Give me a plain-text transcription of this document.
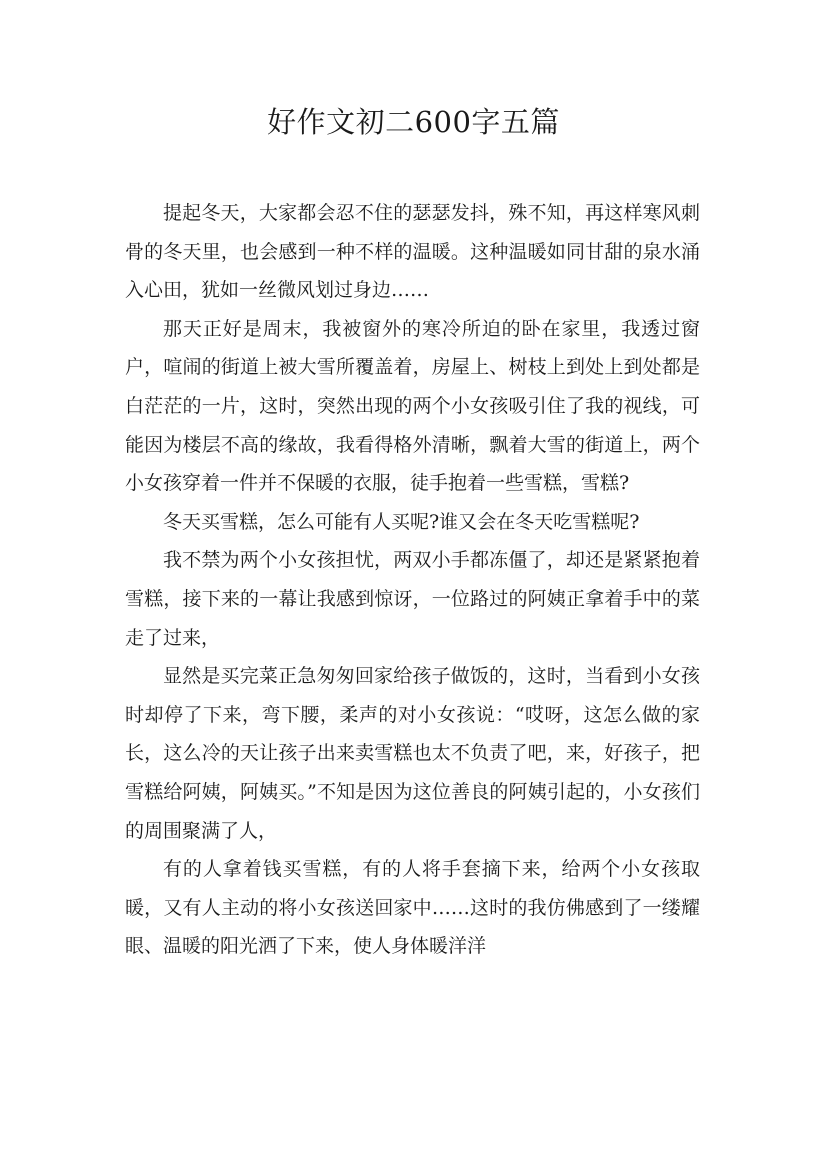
好作文初二600字五篇

提起冬天，大家都会忍不住的瑟瑟发抖，殊不知，再这样寒风刺骨的冬天里，也会感到一种不样的温暖。这种温暖如同甘甜的泉水涌入心田，犹如一丝微风划过身边……

那天正好是周末，我被窗外的寒冷所迫的卧在家里，我透过窗户，喧闹的街道上被大雪所覆盖着，房屋上、树枝上到处上到处都是白茫茫的一片，这时，突然出现的两个小女孩吸引住了我的视线，可能因为楼层不高的缘故，我看得格外清晰，飘着大雪的街道上，两个小女孩穿着一件并不保暖的衣服，徒手抱着一些雪糕，雪糕?

冬天买雪糕，怎么可能有人买呢?谁又会在冬天吃雪糕呢?

我不禁为两个小女孩担忧，两双小手都冻僵了，却还是紧紧抱着雪糕，接下来的一幕让我感到惊讶，一位路过的阿姨正拿着手中的菜走了过来，

显然是买完菜正急匆匆回家给孩子做饭的，这时，当看到小女孩时却停了下来，弯下腰，柔声的对小女孩说：“哎呀，这怎么做的家长，这么冷的天让孩子出来卖雪糕也太不负责了吧，来，好孩子，把雪糕给阿姨，阿姨买。”不知是因为这位善良的阿姨引起的，小女孩们的周围聚满了人，

有的人拿着钱买雪糕，有的人将手套摘下来，给两个小女孩取暖，又有人主动的将小女孩送回家中……这时的我仿佛感到了一缕耀眼、温暖的阳光洒了下来，使人身体暖洋洋
